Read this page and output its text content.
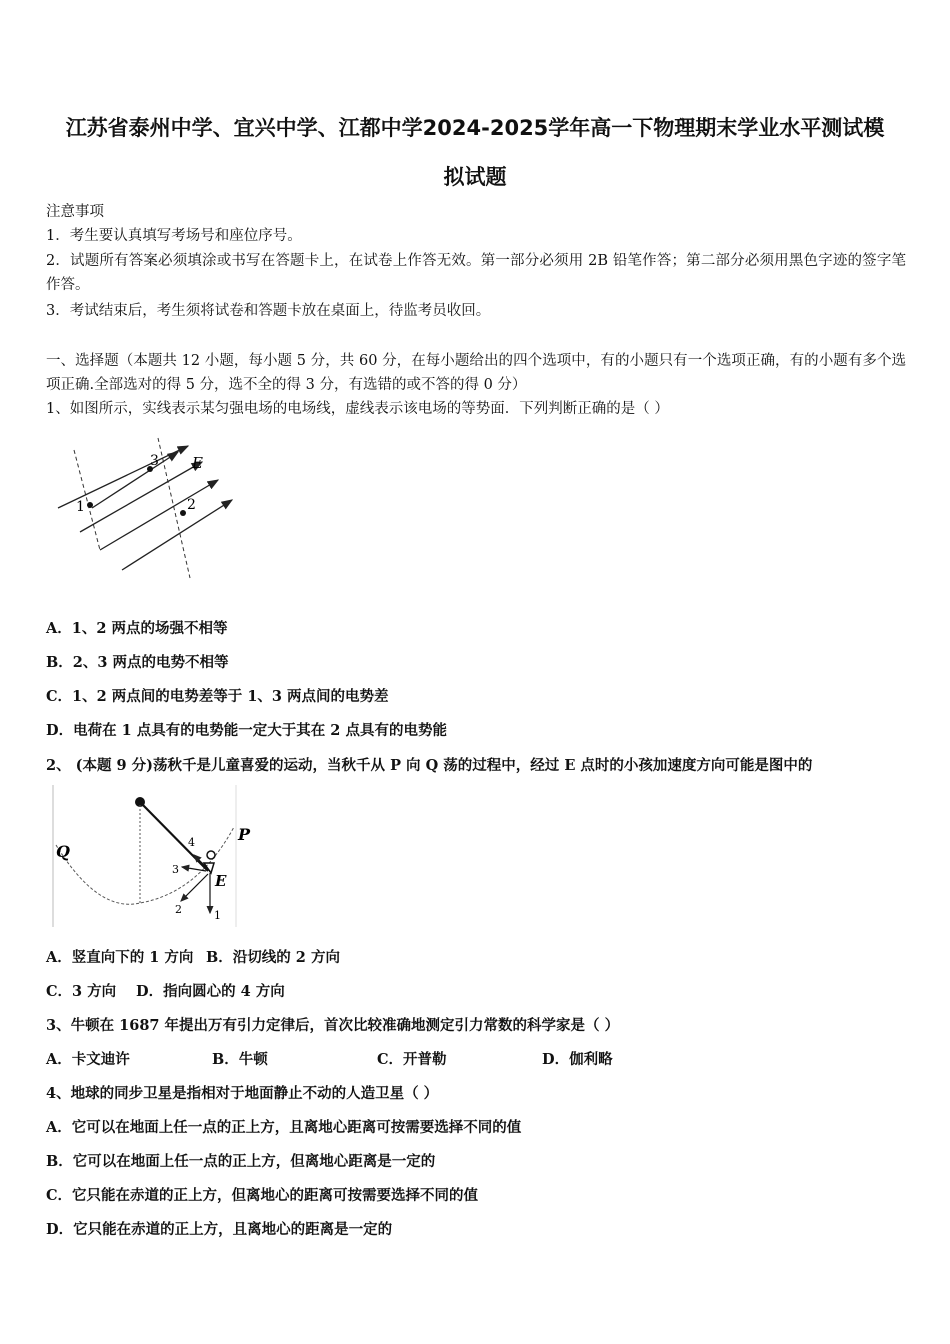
江苏省泰州中学、宜兴中学、江都中学2024-2025学年高一下物理期末学业水平测试模
拟试题
注意事项
1．考生要认真填写考场号和座位序号。
2．试题所有答案必须填涂或书写在答题卡上，在试卷上作答无效。第一部分必须用 2B 铅笔作答；第二部分必须用黑色字迹的签字笔作答。
3．考试结束后，考生须将试卷和答题卡放在桌面上，待监考员收回。
一、选择题（本题共 12 小题，每小题 5 分，共 60 分，在每小题给出的四个选项中，有的小题只有一个选项正确，有的小题有多个选项正确.全部选对的得 5 分，选不全的得 3 分，有选错的或不答的得 0 分）
1、如图所示，实线表示某匀强电场的电场线，虚线表示该电场的等势面．下列判断正确的是（ ）
1	2
3 E
A．1、2 两点的场强不相等
B．2、3 两点的电势不相等
C．1、2 两点间的电势差等于 1、3 两点间的电势差
D．电荷在 1 点具有的电势能一定大于其在 2 点具有的电势能
2、 (本题 9 分)荡秋千是儿童喜爱的运动，当秋千从 P 向 Q 荡的过程中，经过 E 点时的小孩加速度方向可能是图中的
1
2
3
4	P
Q
E
A．竖直向下的 1 方向 B．沿切线的 2 方向
C．3 方向 D．指向圆心的 4 方向
3、牛顿在 1687 年提出万有引力定律后，首次比较准确地测定引力常数的科学家是（ ）
A．卡文迪许	B．牛顿	C．开普勒	D．伽利略
4、地球的同步卫星是指相对于地面静止不动的人造卫星（ ）
A．它可以在地面上任一点的正上方，且离地心距离可按需要选择不同的值
B．它可以在地面上任一点的正上方，但离地心距离是一定的
C．它只能在赤道的正上方，但离地心的距离可按需要选择不同的值
D．它只能在赤道的正上方，且离地心的距离是一定的
